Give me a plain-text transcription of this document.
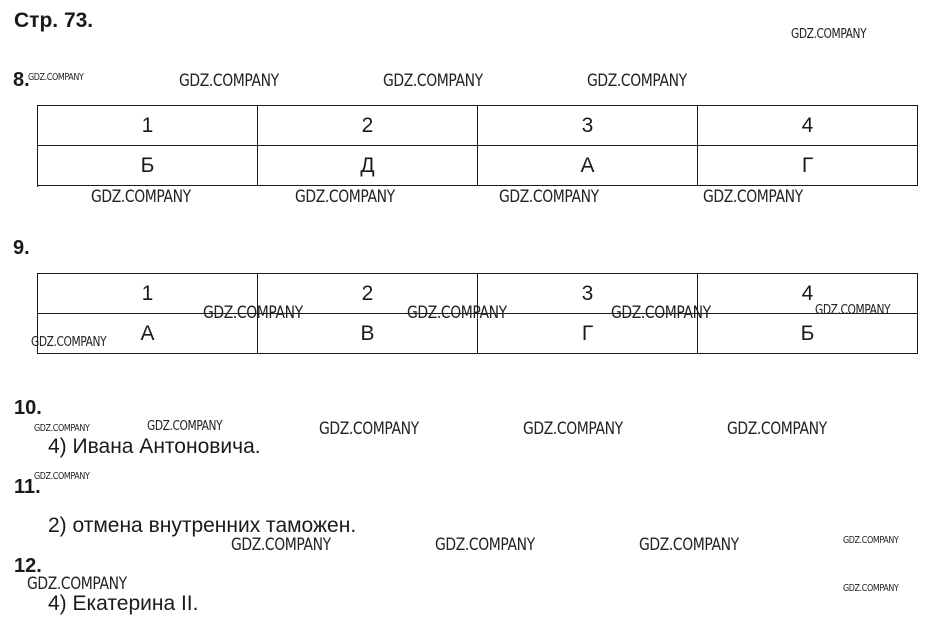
Стр. 73.
8.
1	2	3	4
Б	Д	А	Г
9.
1	2	3	4
А	В	Г	Б
10.
4) Ивана Антоновича.
11.
2) отмена внутренних таможен.
12.
4) Екатерина II.
GDZ.COMPANY
GDZ.COMPANY	GDZ.COMPANY	GDZ.COMPANY	GDZ.COMPANY
GDZ.COMPANY	GDZ.COMPANY	GDZ.COMPANY	GDZ.COMPANY
GDZ.COMPANY	GDZ.COMPANY	GDZ.COMPANY	GDZ.COMPANY
GDZ.COMPANY
GDZ.COMPANY	GDZ.COMPANY	GDZ.COMPANY	GDZ.COMPANY	GDZ.COMPANY
GDZ.COMPANY
GDZ.COMPANY	GDZ.COMPANY	GDZ.COMPANY	GDZ.COMPANY
GDZ.COMPANY	GDZ.COMPANY
